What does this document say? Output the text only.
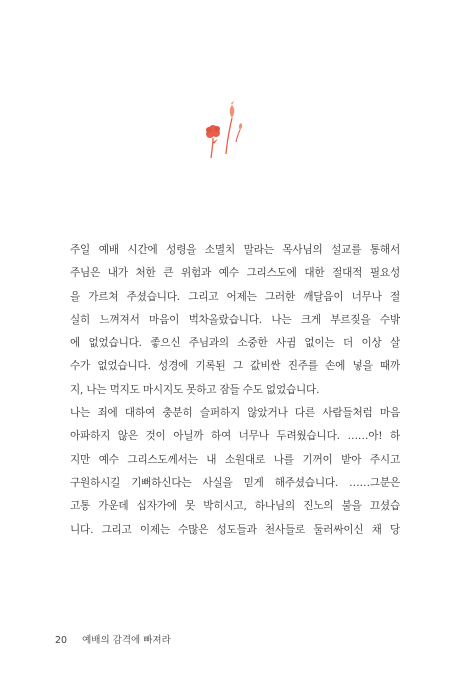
주일 예배 시간에 성령을 소멸치 말라는 목사님의 설교를 통해서
주님은 내가 처한 큰 위험과 예수 그리스도에 대한 절대적 필요성
을 가르쳐 주셨습니다. 그리고 어제는 그러한 깨달음이 너무나 절
실히 느껴져서 마음이 벅차올랐습니다. 나는 크게 부르짖을 수밖
에 없었습니다. 좋으신 주님과의 소중한 사귐 없이는 더 이상 살
수가 없었습니다. 성경에 기록된 그 값비싼 진주를 손에 넣을 때까
지, 나는 먹지도 마시지도 못하고 잠들 수도 없었습니다.
나는 죄에 대하여 충분히 슬퍼하지 않았거나 다른 사람들처럼 마음
아파하지 않은 것이 아닐까 하여 너무나 두려웠습니다. ……아! 하
지만 예수 그리스도께서는 내 소원대로 나를 기꺼이 받아 주시고
구원하시길 기뻐하신다는 사실을 믿게 해주셨습니다. ……그분은
고통 가운데 십자가에 못 박히시고, 하나님의 진노의 불을 끄셨습
니다. 그리고 이제는 수많은 성도들과 천사들로 둘러싸이신 채 당
20 예배의 감격에 빠져라
